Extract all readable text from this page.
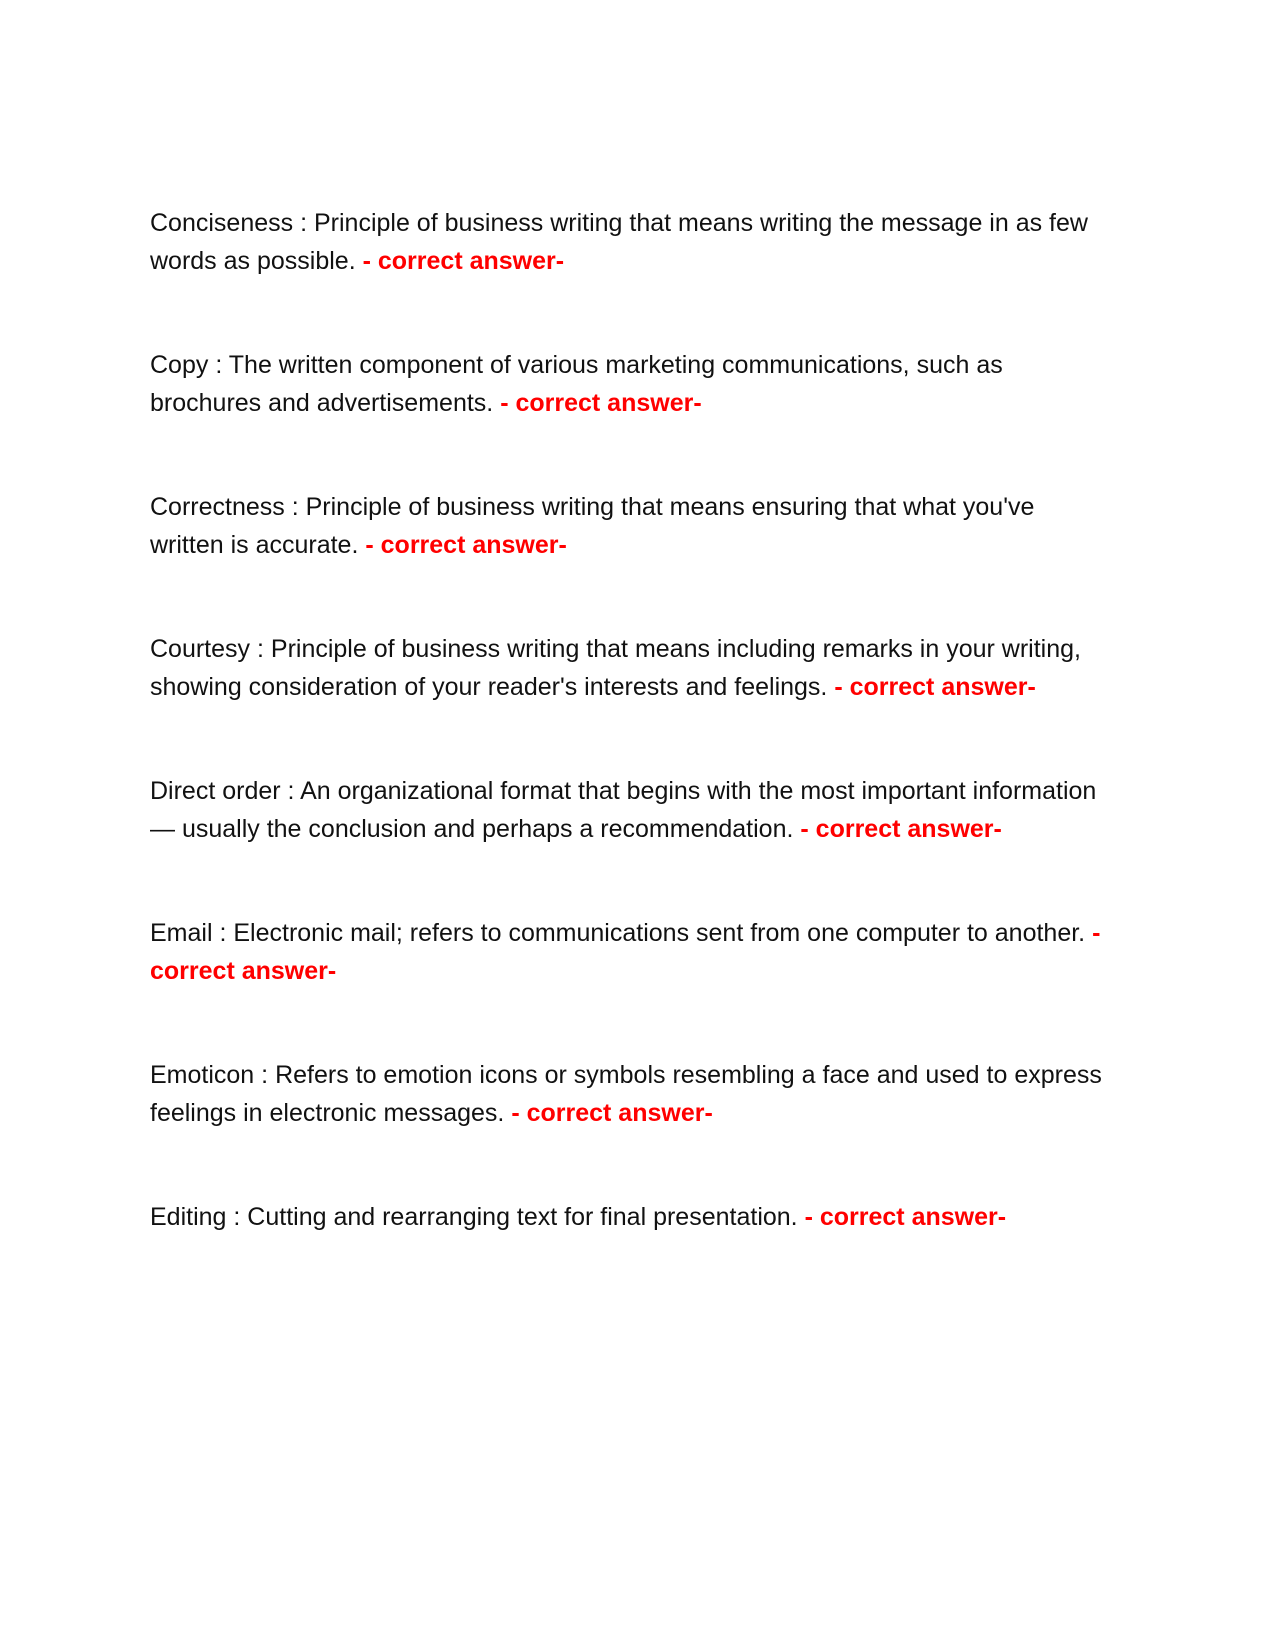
Conciseness : Principle of business writing that means writing the message in as few words as possible. - correct answer-

Copy : The written component of various marketing communications, such as brochures and advertisements. - correct answer-

Correctness : Principle of business writing that means ensuring that what you've written is accurate. - correct answer-

Courtesy : Principle of business writing that means including remarks in your writing, showing consideration of your reader's interests and feelings. - correct answer-

Direct order : An organizational format that begins with the most important information — usually the conclusion and perhaps a recommendation. - correct answer-

Email : Electronic mail; refers to communications sent from one computer to another. - correct answer-

Emoticon : Refers to emotion icons or symbols resembling a face and used to express feelings in electronic messages. - correct answer-

Editing : Cutting and rearranging text for final presentation. - correct answer-
